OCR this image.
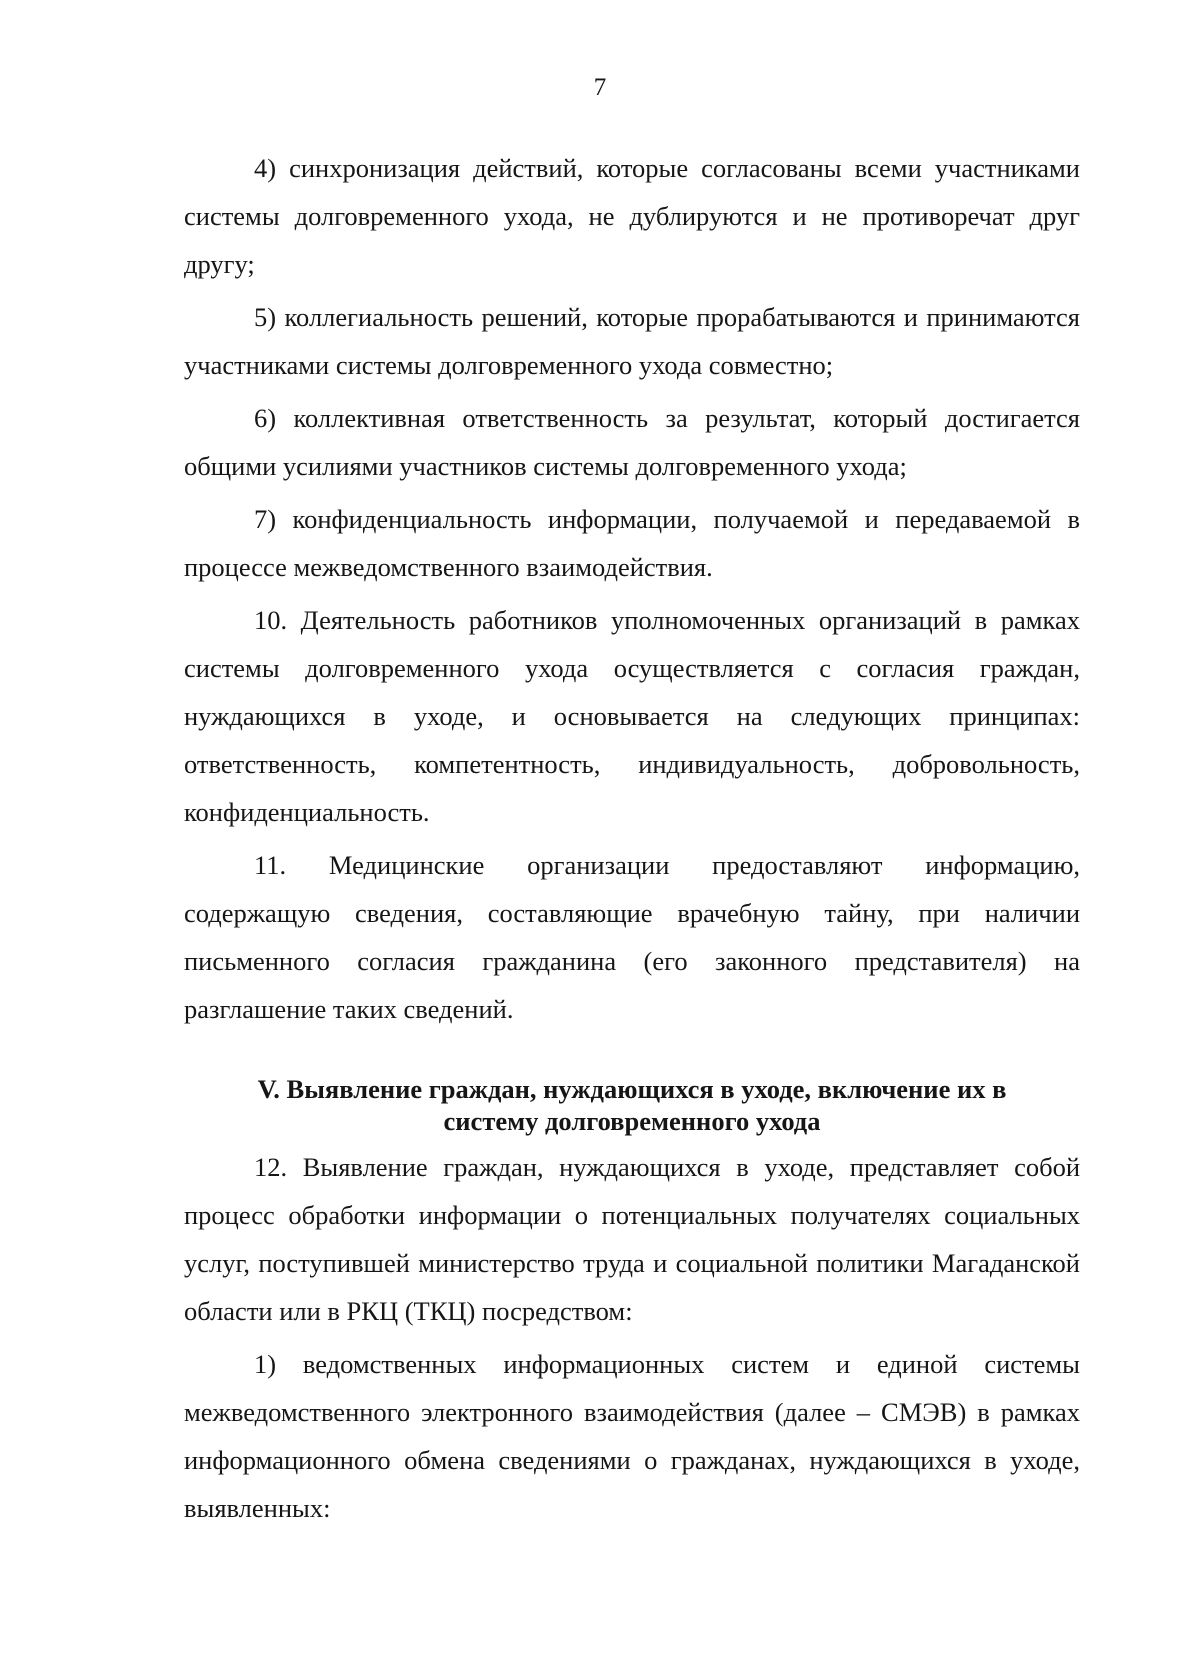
7

4) синхронизация действий, которые согласованы всеми участниками системы долговременного ухода, не дублируются и не противоречат друг другу;

5) коллегиальность решений, которые прорабатываются и принимаются участниками системы долговременного ухода совместно;

6) коллективная ответственность за результат, который достигается общими усилиями участников системы долговременного ухода;

7) конфиденциальность информации, получаемой и передаваемой в процессе межведомственного взаимодействия.

10. Деятельность работников уполномоченных организаций в рамках системы долговременного ухода осуществляется с согласия граждан, нуждающихся в уходе, и основывается на следующих принципах: ответственность, компетентность, индивидуальность, добровольность, конфиденциальность.

11. Медицинские организации предоставляют информацию, содержащую сведения, составляющие врачебную тайну, при наличии письменного согласия гражданина (его законного представителя) на разглашение таких сведений.

V. Выявление граждан, нуждающихся в уходе, включение их в
систему долговременного ухода

12. Выявление граждан, нуждающихся в уходе, представляет собой процесс обработки информации о потенциальных получателях социальных услуг, поступившей министерство труда и социальной политики Магаданской области или в РКЦ (ТКЦ) посредством:

1) ведомственных информационных систем и единой системы межведомственного электронного взаимодействия (далее – СМЭВ) в рамках информационного обмена сведениями о гражданах, нуждающихся в уходе, выявленных:
